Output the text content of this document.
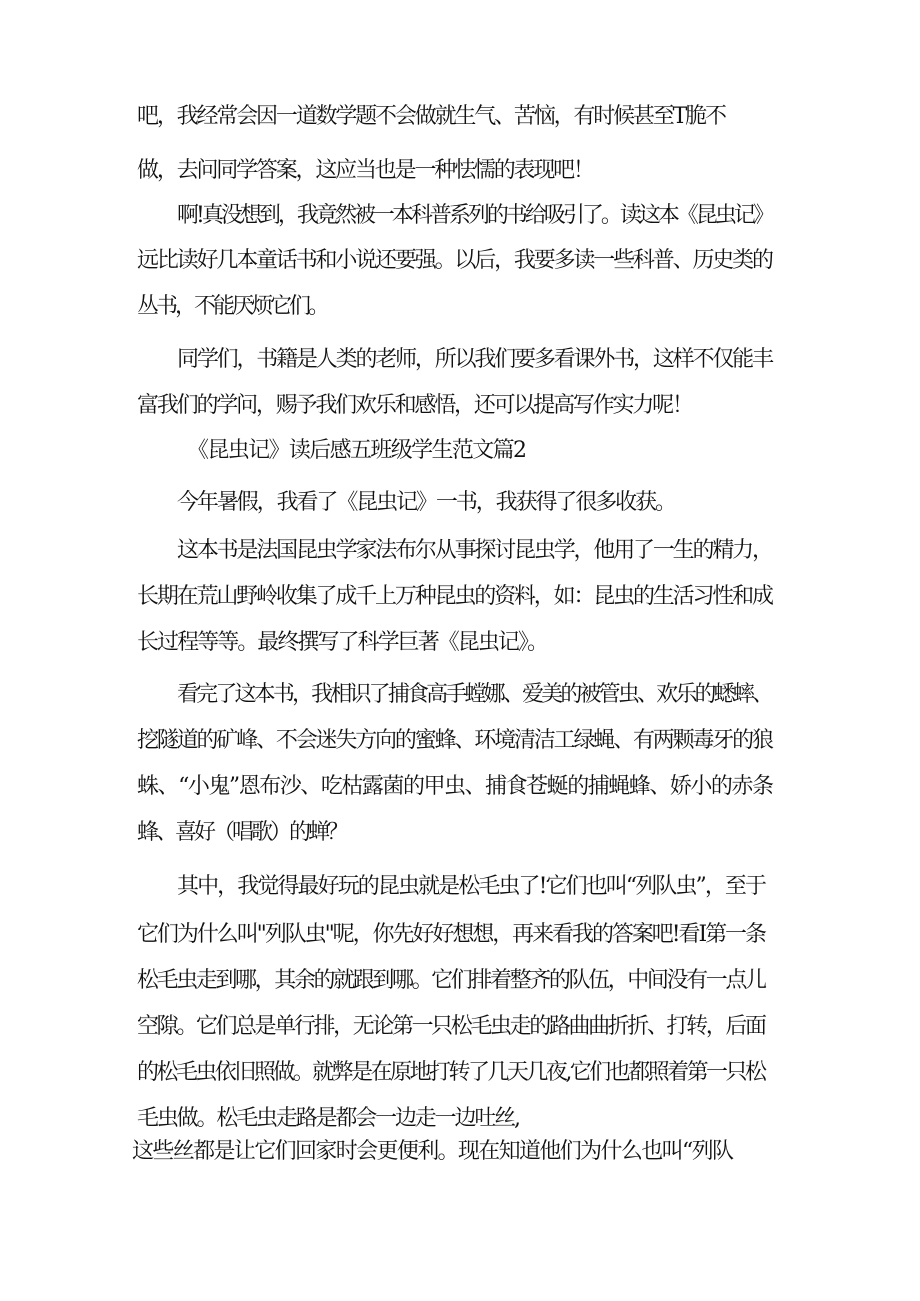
吧，我经常会因一道数学题不会做就生气、苦恼，有时候甚至T脆不
做，去问同学答案，这应当也是一种怯懦的表现吧！
啊!真没想到，我竟然被一本科普系列的书给吸引了。读这本《昆虫记》
远比读好几本童话书和小说还要强。以后，我要多读一些科普、历史类的
丛书，不能厌烦它们。
同学们，书籍是人类的老师，所以我们要多看课外书，这样不仅能丰
富我们的学问，赐予我们欢乐和感悟，还可以提高写作实力呢！
《昆虫记》读后感五班级学生范文篇2
今年暑假，我看了《昆虫记》一书，我获得了很多收获。
这本书是法国昆虫学家法布尔从事探讨昆虫学，他用了一生的精力，
长期在荒山野岭收集了成千上万种昆虫的资料，如：昆虫的生活习性和成
长过程等等。最终撰写了科学巨著《昆虫记》。
看完了这本书，我相识了捕食高手螳娜、爱美的被管虫、欢乐的蟋蟀、
挖隧道的矿峰、不会迷失方向的蜜蜂、环境清洁工绿蝇、有两颗毒牙的狼
蛛、“小鬼”恩布沙、吃枯露菌的甲虫、捕食苍蜒的捕蝇蜂、娇小的赤条
蜂、喜好（唱歌）的蝉？
其中，我觉得最好玩的昆虫就是松毛虫了!它们也叫“列队虫”，至于
它们为什么叫"列队虫"呢，你先好好想想，再来看我的答案吧!看I第一条
松毛虫走到哪，其余的就跟到哪。它们排着整齐的队伍，中间没有一点儿
空隙。它们总是单行排，无论第一只松毛虫走的路曲曲折折、打转，后面
的松毛虫依旧照做。就弊是在原地打转了几天几夜,它们也都照着第一只松
毛虫做。松毛虫走路是都会一边走一边吐丝,
这些丝都是让它们回家时会更便利。现在知道他们为什么也叫“列队
